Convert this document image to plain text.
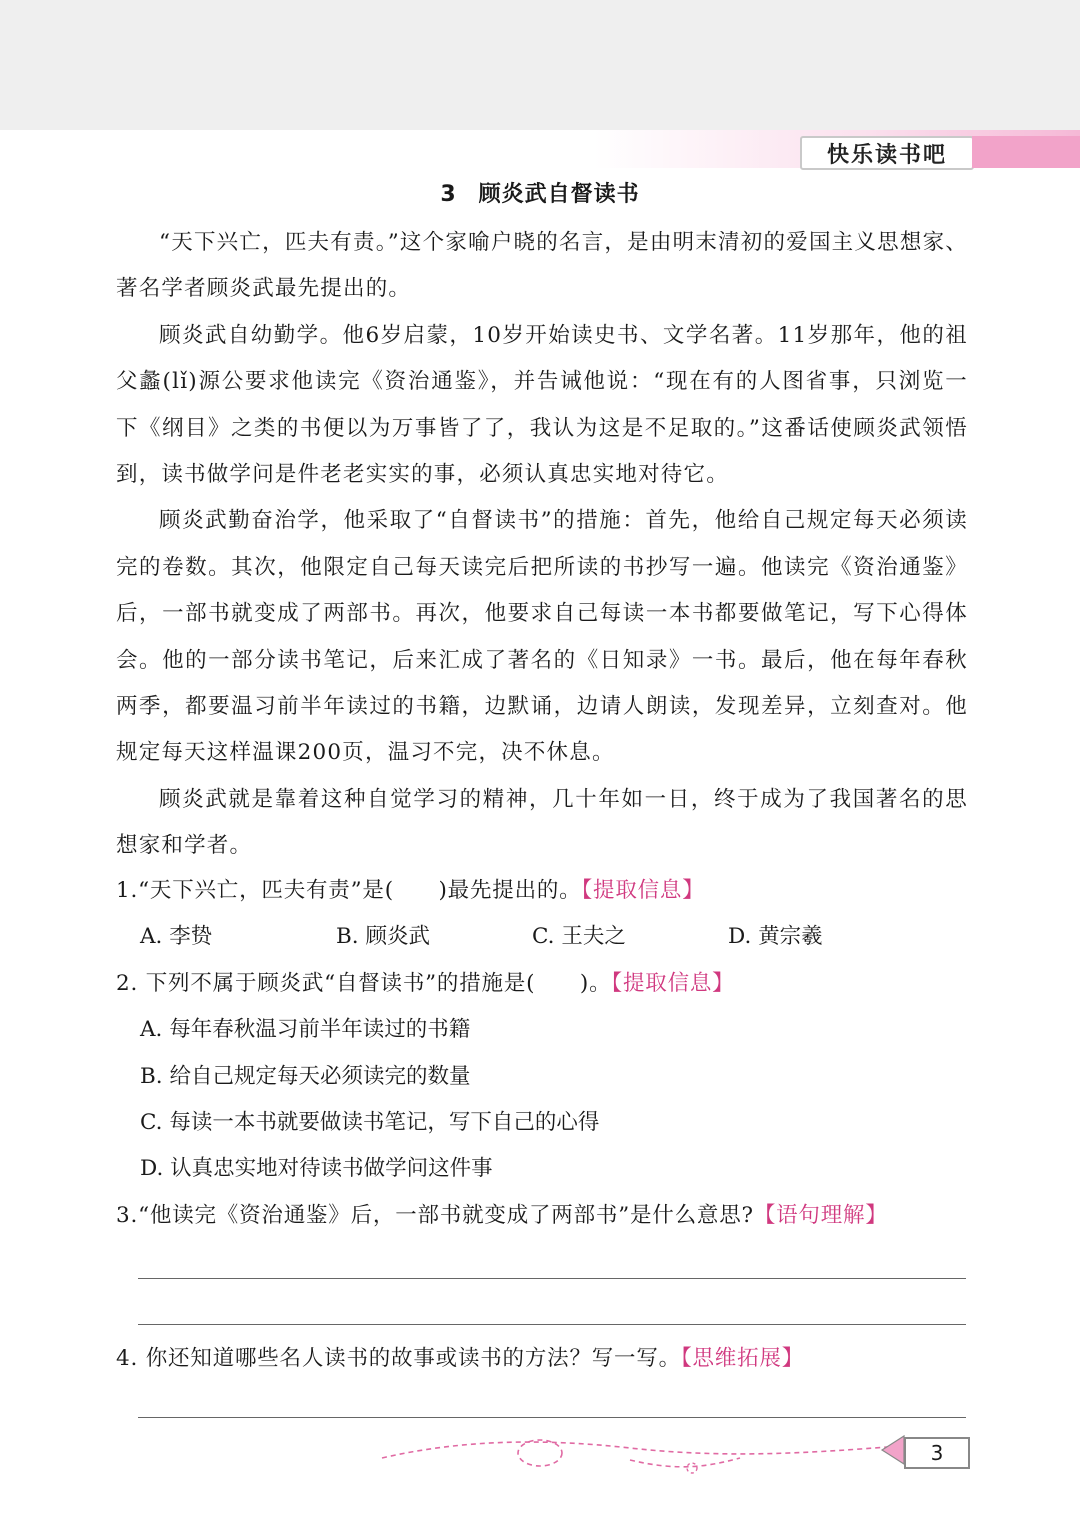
快乐读书吧
3 顾炎武自督读书

“天下兴亡，匹夫有责。”这个家喻户晓的名言，是由明末清初的爱国主义思想家、著名学者顾炎武最先提出的。

顾炎武自幼勤学。他6岁启蒙，10岁开始读史书、文学名著。11岁那年，他的祖父蠡(lǐ)源公要求他读完《资治通鉴》，并告诫他说：“现在有的人图省事，只浏览一下《纲目》之类的书便以为万事皆了了，我认为这是不足取的。”这番话使顾炎武领悟到，读书做学问是件老老实实的事，必须认真忠实地对待它。

顾炎武勤奋治学，他采取了“自督读书”的措施：首先，他给自己规定每天必须读完的卷数。其次，他限定自己每天读完后把所读的书抄写一遍。他读完《资治通鉴》后，一部书就变成了两部书。再次，他要求自己每读一本书都要做笔记，写下心得体会。他的一部分读书笔记，后来汇成了著名的《日知录》一书。最后，他在每年春秋两季，都要温习前半年读过的书籍，边默诵，边请人朗读，发现差异，立刻查对。他规定每天这样温课200页，温习不完，决不休息。

顾炎武就是靠着这种自觉学习的精神，几十年如一日，终于成为了我国著名的思想家和学者。

1.“天下兴亡，匹夫有责”是(　　)最先提出的。【提取信息】
A. 李贽	B. 顾炎武	C. 王夫之	D. 黄宗羲
2. 下列不属于顾炎武“自督读书”的措施是(　　)。【提取信息】
A. 每年春秋温习前半年读过的书籍
B. 给自己规定每天必须读完的数量
C. 每读一本书就要做读书笔记，写下自己的心得
D. 认真忠实地对待读书做学问这件事
3.“他读完《资治通鉴》后，一部书就变成了两部书”是什么意思?【语句理解】
4. 你还知道哪些名人读书的故事或读书的方法？写一写。【思维拓展】
3
